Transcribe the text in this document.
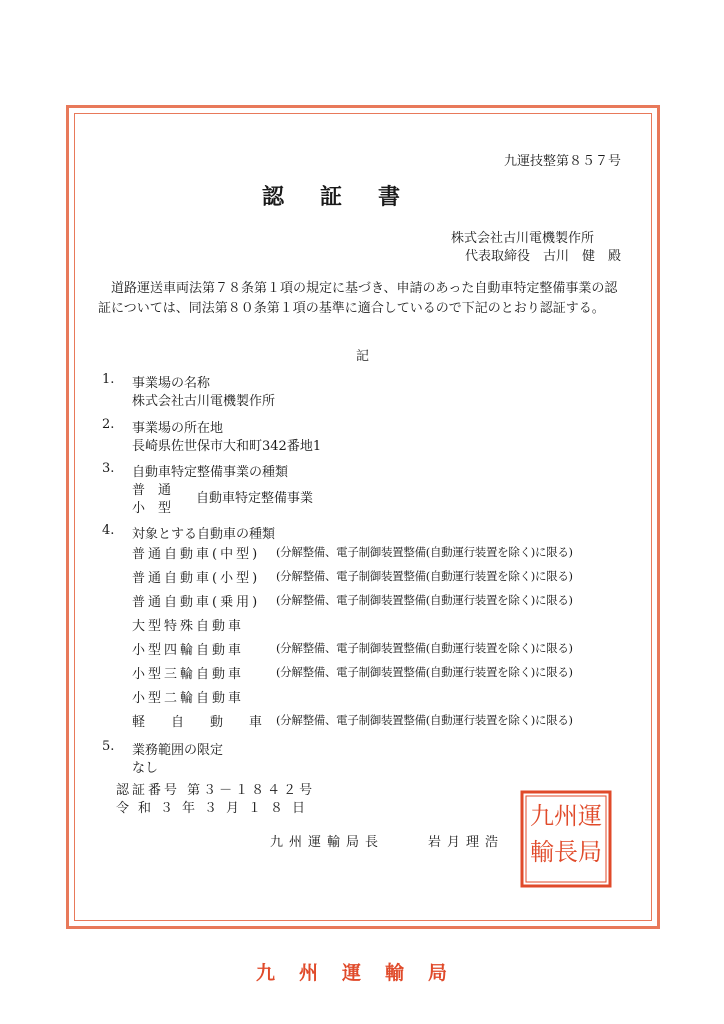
九運技整第８５７号
認証書
株式会社古川電機製作所
代表取締役　古川　健　殿
道路運送車両法第７８条第１項の規定に基づき、申請のあった自動車特定整備事業の認証については、同法第８０条第１項の基準に適合しているので下記のとおり認証する。
記
1. 事業場の名称
株式会社古川電機製作所
2. 事業場の所在地
長崎県佐世保市大和町342番地1
3. 自動車特定整備事業の種類
普　通
小　型
自動車特定整備事業
4. 対象とする自動車の種類
普通自動車(中型) (分解整備、電子制御装置整備(自動運行装置を除く)に限る)
普通自動車(小型) (分解整備、電子制御装置整備(自動運行装置を除く)に限る)
普通自動車(乗用) (分解整備、電子制御装置整備(自動運行装置を除く)に限る)
大型特殊自動車
小型四輪自動車	(分解整備、電子制御装置整備(自動運行装置を除く)に限る)
小型三輪自動車	(分解整備、電子制御装置整備(自動運行装置を除く)に限る)
小型二輪自動車
軽　　自　　動　　車 (分解整備、電子制御装置整備(自動運行装置を除く)に限る)
5. 業務範囲の限定
なし
認証番号 第３－１８４２号
令和３年３月１８日
九州運輸局長	岩月理浩
運
局
州
長
九
輸
九州運輸局
